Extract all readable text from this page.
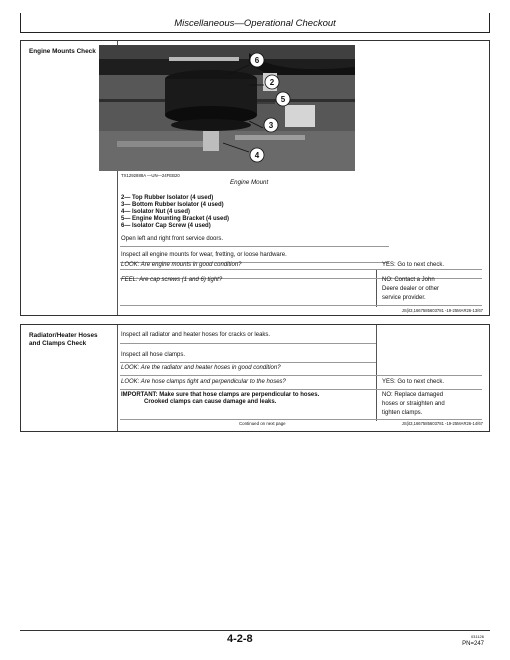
Miscellaneous—Operational Checkout
Engine Mounts Check
TX1292888A —UN—24FEB20
Engine Mount
2— Top Rubber Isolator (4 used)
3— Bottom Rubber Isolator (4 used)
4— Isolator Nut (4 used)
5— Engine Mounting Bracket (4 used)
6— Isolator Cap Screw (4 used)
Open left and right front service doors.
Inspect all engine mounts for wear, fretting, or loose hardware.
LOOK: Are engine mounts in good condition?	YES: Go to next check.
FEEL: Are cap screws (1 and 6) tight?	NO: Contact a John
Deere dealer or other
service provider.
JS(it3,1667585603781 -19-25MAR26-13/67
6
2
5
3
4
Radiator/Heater Hoses
and Clamps Check
Inspect all radiator and heater hoses for cracks or leaks.
Inspect all hose clamps.
LOOK: Are the radiator and heater hoses in good condition?
LOOK: Are hose clamps tight and perpendicular to the hoses?	YES: Go to next check.
IMPORTANT: Make sure that hose clamps are perpendicular to hoses.
Crooked clamps can cause damage and leaks.
NO: Replace damaged
hoses or straighten and
tighten clamps.
Continued on next page	JS(it3,1667585603781 -19-25MAR26-14/67
4-2-8	031126
PN=247
